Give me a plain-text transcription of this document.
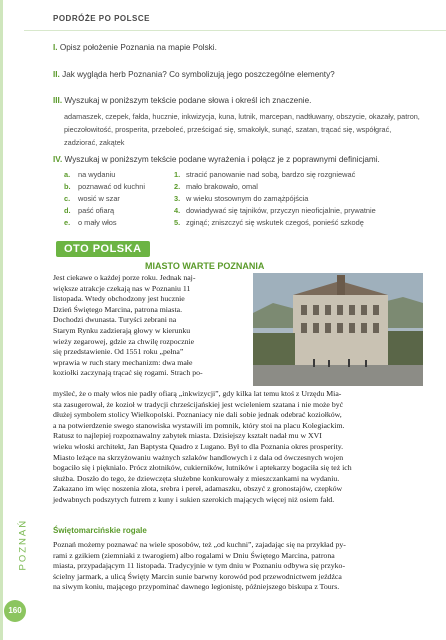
PODRÓŻE PO POLSCE
I. Opisz położenie Poznania na mapie Polski.
II. Jak wygląda herb Poznania? Co symbolizują jego poszczególne elementy?
III. Wyszukaj w poniższym tekście podane słowa i określ ich znaczenie.
adamaszek, czepek, fałda, hucznie, inkwizycja, kuna, lutnik, marcepan, nadtłuwany, obszycie, okazały, patron, pieczołowitość, prosperita, przeboleć, prześcigać się, smakołyk, sunąć, szatan, trącać się, współgrać, zadziorać, zakątek
IV. Wyszukaj w poniższym tekście podane wyrażenia i połącz je z poprawnymi definicjami.
a. na wydaniu
b. poznawać od kuchni
c. wosić w szar
d. paść ofiarą
e. o mały włos
1. stracić panowanie nad sobą, bardzo się rozgniewać
2. mało brakowało, omal
3. w wieku stosownym do zamążpójścia
4. dowiadywać się tajników, przyczyn nieoficjalnie, prywatnie
5. zginąć; zniszczyć się wskutek czegoś, ponieść szkodę
OTO POLSKA
MIASTO WARTE POZNANIA
Jest ciekawe o każdej porze roku. Jednak naj-
większe atrakcje czekają nas w Poznaniu 11
listopada. Wtedy obchodzony jest hucznie
Dzień Świętego Marcina, patrona miasta.
Dochodzi dwunasta. Turyści zebrani na
Starym Rynku zadzierają głowy w kierunku
wieży zegarowej, gdzie za chwilę rozpocznie
się przedstawienie. Od 1551 roku „pełna”
wprawia w ruch stary mechanizm: dwa małe
koziołki zaczynają trącać się rogami. Strach po-
myśleć, że o mały włos nie padły ofiarą „inkwizycji”, gdy kilka lat temu ktoś z Urzędu Mia-
sta zasugerował, że kozioł w tradycji chrześcijańskiej jest wcieleniem szatana i nie może być
dłużej symbolem stolicy Wielkopolski. Poznaniacy nie dali sobie jednak odebrać koziołków,
a na potwierdzenie swego stanowiska wystawili im pomnik, który stoi na placu Kolegiackim.
Ratusz to najlepiej rozpoznawalny zabytek miasta. Dzisiejszy kształt nadał mu w XVI
wieku włoski architekt, Jan Baptysta Quadro z Lugano. Był to dla Poznania okres prosperity.
Miasto leżące na skrzyżowaniu ważnych szlaków handlowych i z dala od ówczesnych wojen
bogaciło się i pięknialo. Prócz złotników, cukierników, lutników i aptekarzy bogaciła się też ich
służba. Doszło do tego, że dziewczęta służebne konkurowały z mieszczankami na wydaniu.
Zakazano im więc noszenia złota, srebra i pereł, adamaszku, obszyć z gronostajów, czepków
jedwabnych podszytych futrem z kuny i sukien szerokich mających więcej niż osiem fałd.
Świętomarcińskie rogale
Poznań możemy poznawać na wiele sposobów, też „od kuchni”, zajadając się na przykład py-
rami z gzikiem (ziemniaki z twarogiem) albo rogalami w Dniu Świętego Marcina, patrona
miasta, przypadającym 11 listopada. Tradycyjnie w tym dniu w Poznaniu odbywa się przyko-
ścielny jarmark, a ulicą Święty Marcin sunie barwny korowód pod przewodnictwem jeźdźca
na siwym koniu, mającego przypominać dawnego legionistę, późniejszego biskupa z Tours.
POZNAŃ
160
